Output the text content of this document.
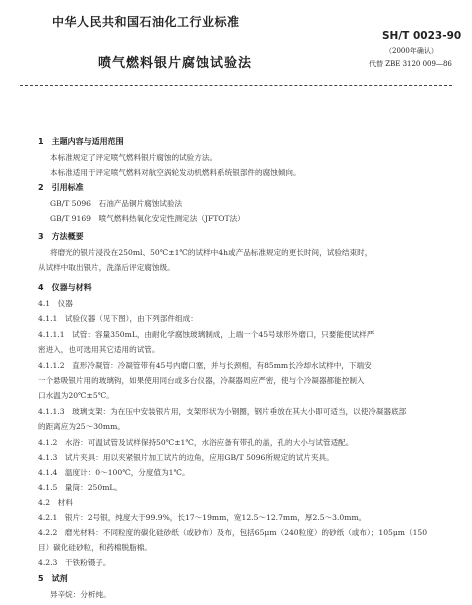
中华人民共和国石油化工行业标准
SH/T 0023-90
（2000年确认）
喷气燃料银片腐蚀试验法	代替 ZBE 3120 009—86
1　主题内容与适用范围
本标准规定了评定喷气燃料银片腐蚀的试验方法。
本标准适用于评定喷气燃料对航空涡轮发动机燃料系统银部件的腐蚀倾向。
2　引用标准
GB/T 5096　石油产品铜片腐蚀试验法
GB/T 9169　喷气燃料热氧化安定性测定法（JFTOT法）
3　方法概要
将磨光的银片浸没在250ml、50℃±1℃的试样中4h或产品标准规定的更长时间，试验结束时，
从试样中取出银片，洗涤后评定腐蚀级。
4　仪器与材料
4.1　仪器
4.1.1　试验仪器（见下图），由下列部件组成：
4.1.1.1　试管：容量350mL，由耐化学腐蚀玻璃制成，上端一个45号球形外磨口，只要能使试样严
密进入，也可选用其它适用的试管。
4.1.1.2　直形冷凝管：冷凝管带有45号内磨口塞，并与长颈相，有85mm长冷却水试样中，下端安
一个悬吸银片用的玻璃钩，如果使用同台或多台仪器，冷凝器周应严密，使与个冷凝器都能控制入
口水温为20℃±5℃。
4.1.1.3　玻璃支架：为在压中安装银片用，支架形状为小钢圈，钢片垂放在其大小即可适当，以使冷凝器底部
的距离应为25～30mm。
4.1.2　水浴：可温试管及试样保持50℃±1℃，水浴应备有带孔的盖，孔的大小与试管适配。
4.1.3　试片夹具：用以夹紧银片加工试片的边角，应用GB/T 5096所规定的试片夹具。
4.1.4　温度计：0～100℃，分度值为1℃。
4.1.5　量筒：250mL。
4.2　材料
4.2.1　银片：2号银，纯度大于99.9%，长17～19mm，宽12.5～12.7mm，厚2.5～3.0mm。
4.2.2　磨光材料：不同粒度的碳化硅砂纸（或砂布）及布，包括65μm（240粒度）的砂纸（或布）；105μm（150
目）碳化硅砂粒，和药棉脱脂棉。
4.2.3　干铁粉镊子。
5　试剂
异辛烷：分析纯。
